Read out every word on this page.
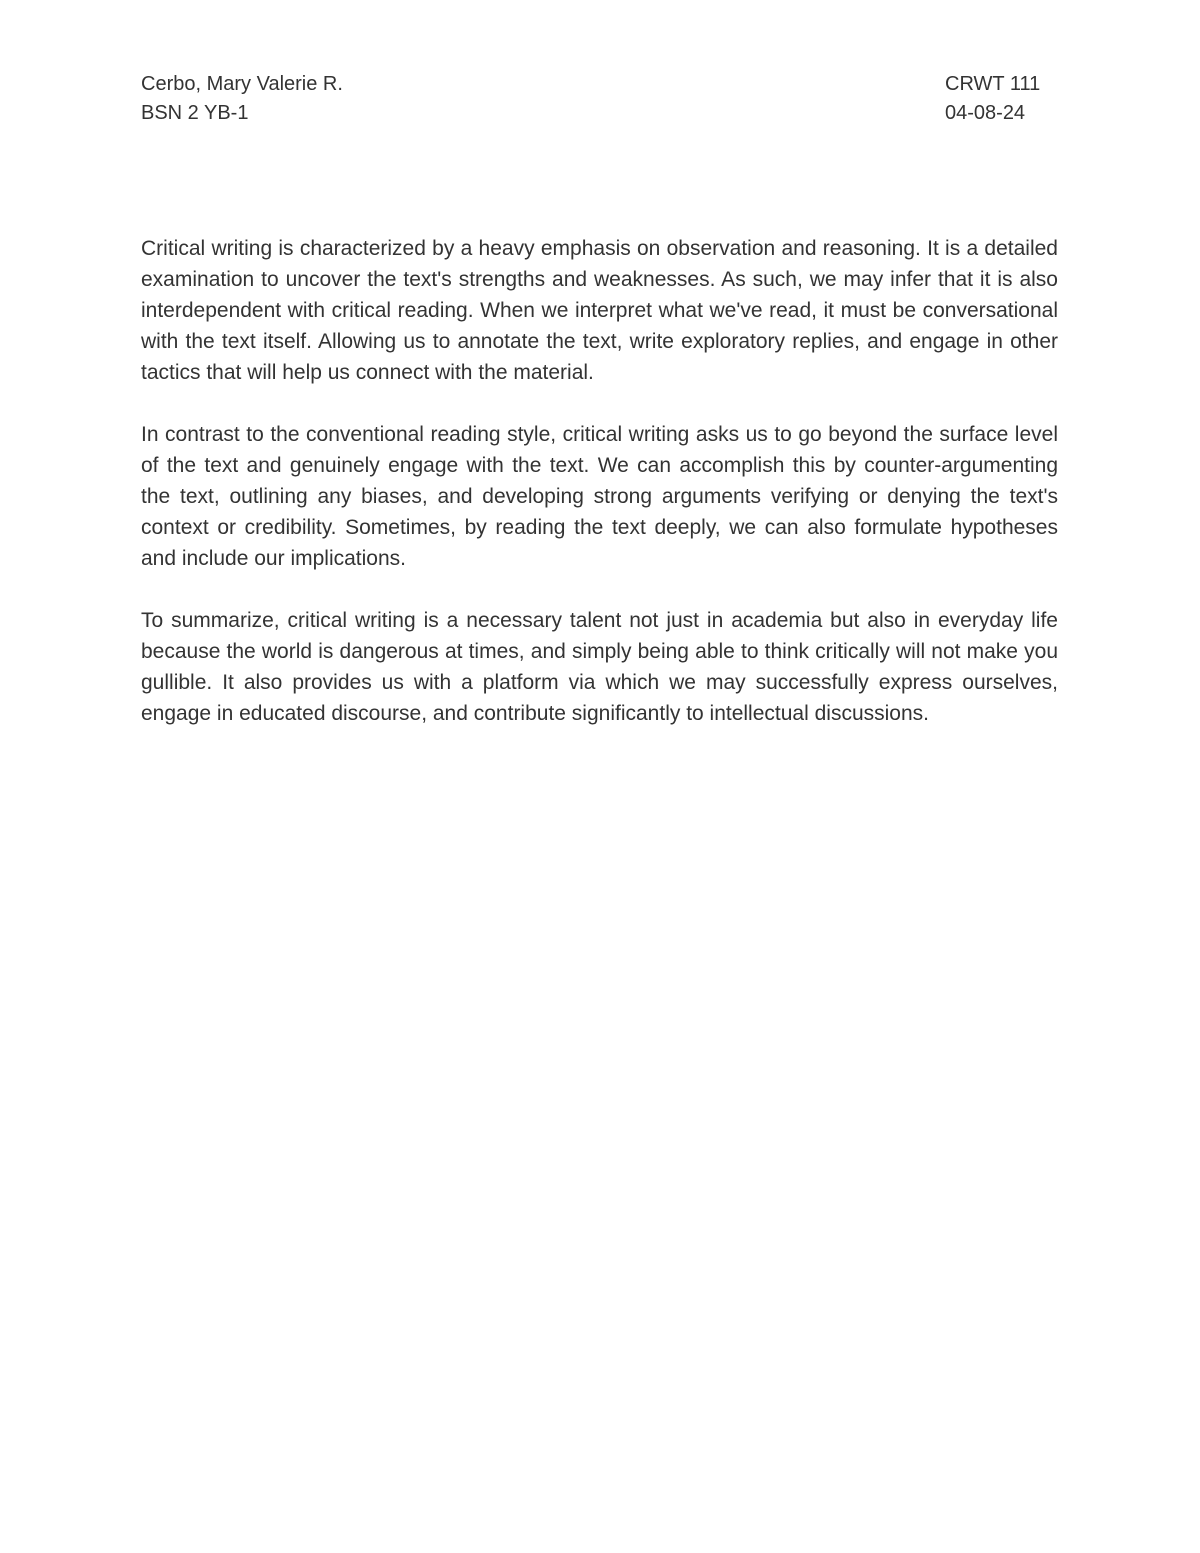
Cerbo, Mary Valerie R.	CRWT 111
BSN 2 YB-1	04-08-24

Critical writing is characterized by a heavy emphasis on observation and reasoning. It is a detailed examination to uncover the text's strengths and weaknesses. As such, we may infer that it is also interdependent with critical reading. When we interpret what we've read, it must be conversational with the text itself. Allowing us to annotate the text, write exploratory replies, and engage in other tactics that will help us connect with the material.

In contrast to the conventional reading style, critical writing asks us to go beyond the surface level of the text and genuinely engage with the text. We can accomplish this by counter-argumenting the text, outlining any biases, and developing strong arguments verifying or denying the text's context or credibility. Sometimes, by reading the text deeply, we can also formulate hypotheses and include our implications.

To summarize, critical writing is a necessary talent not just in academia but also in everyday life because the world is dangerous at times, and simply being able to think critically will not make you gullible. It also provides us with a platform via which we may successfully express ourselves, engage in educated discourse, and contribute significantly to intellectual discussions.
